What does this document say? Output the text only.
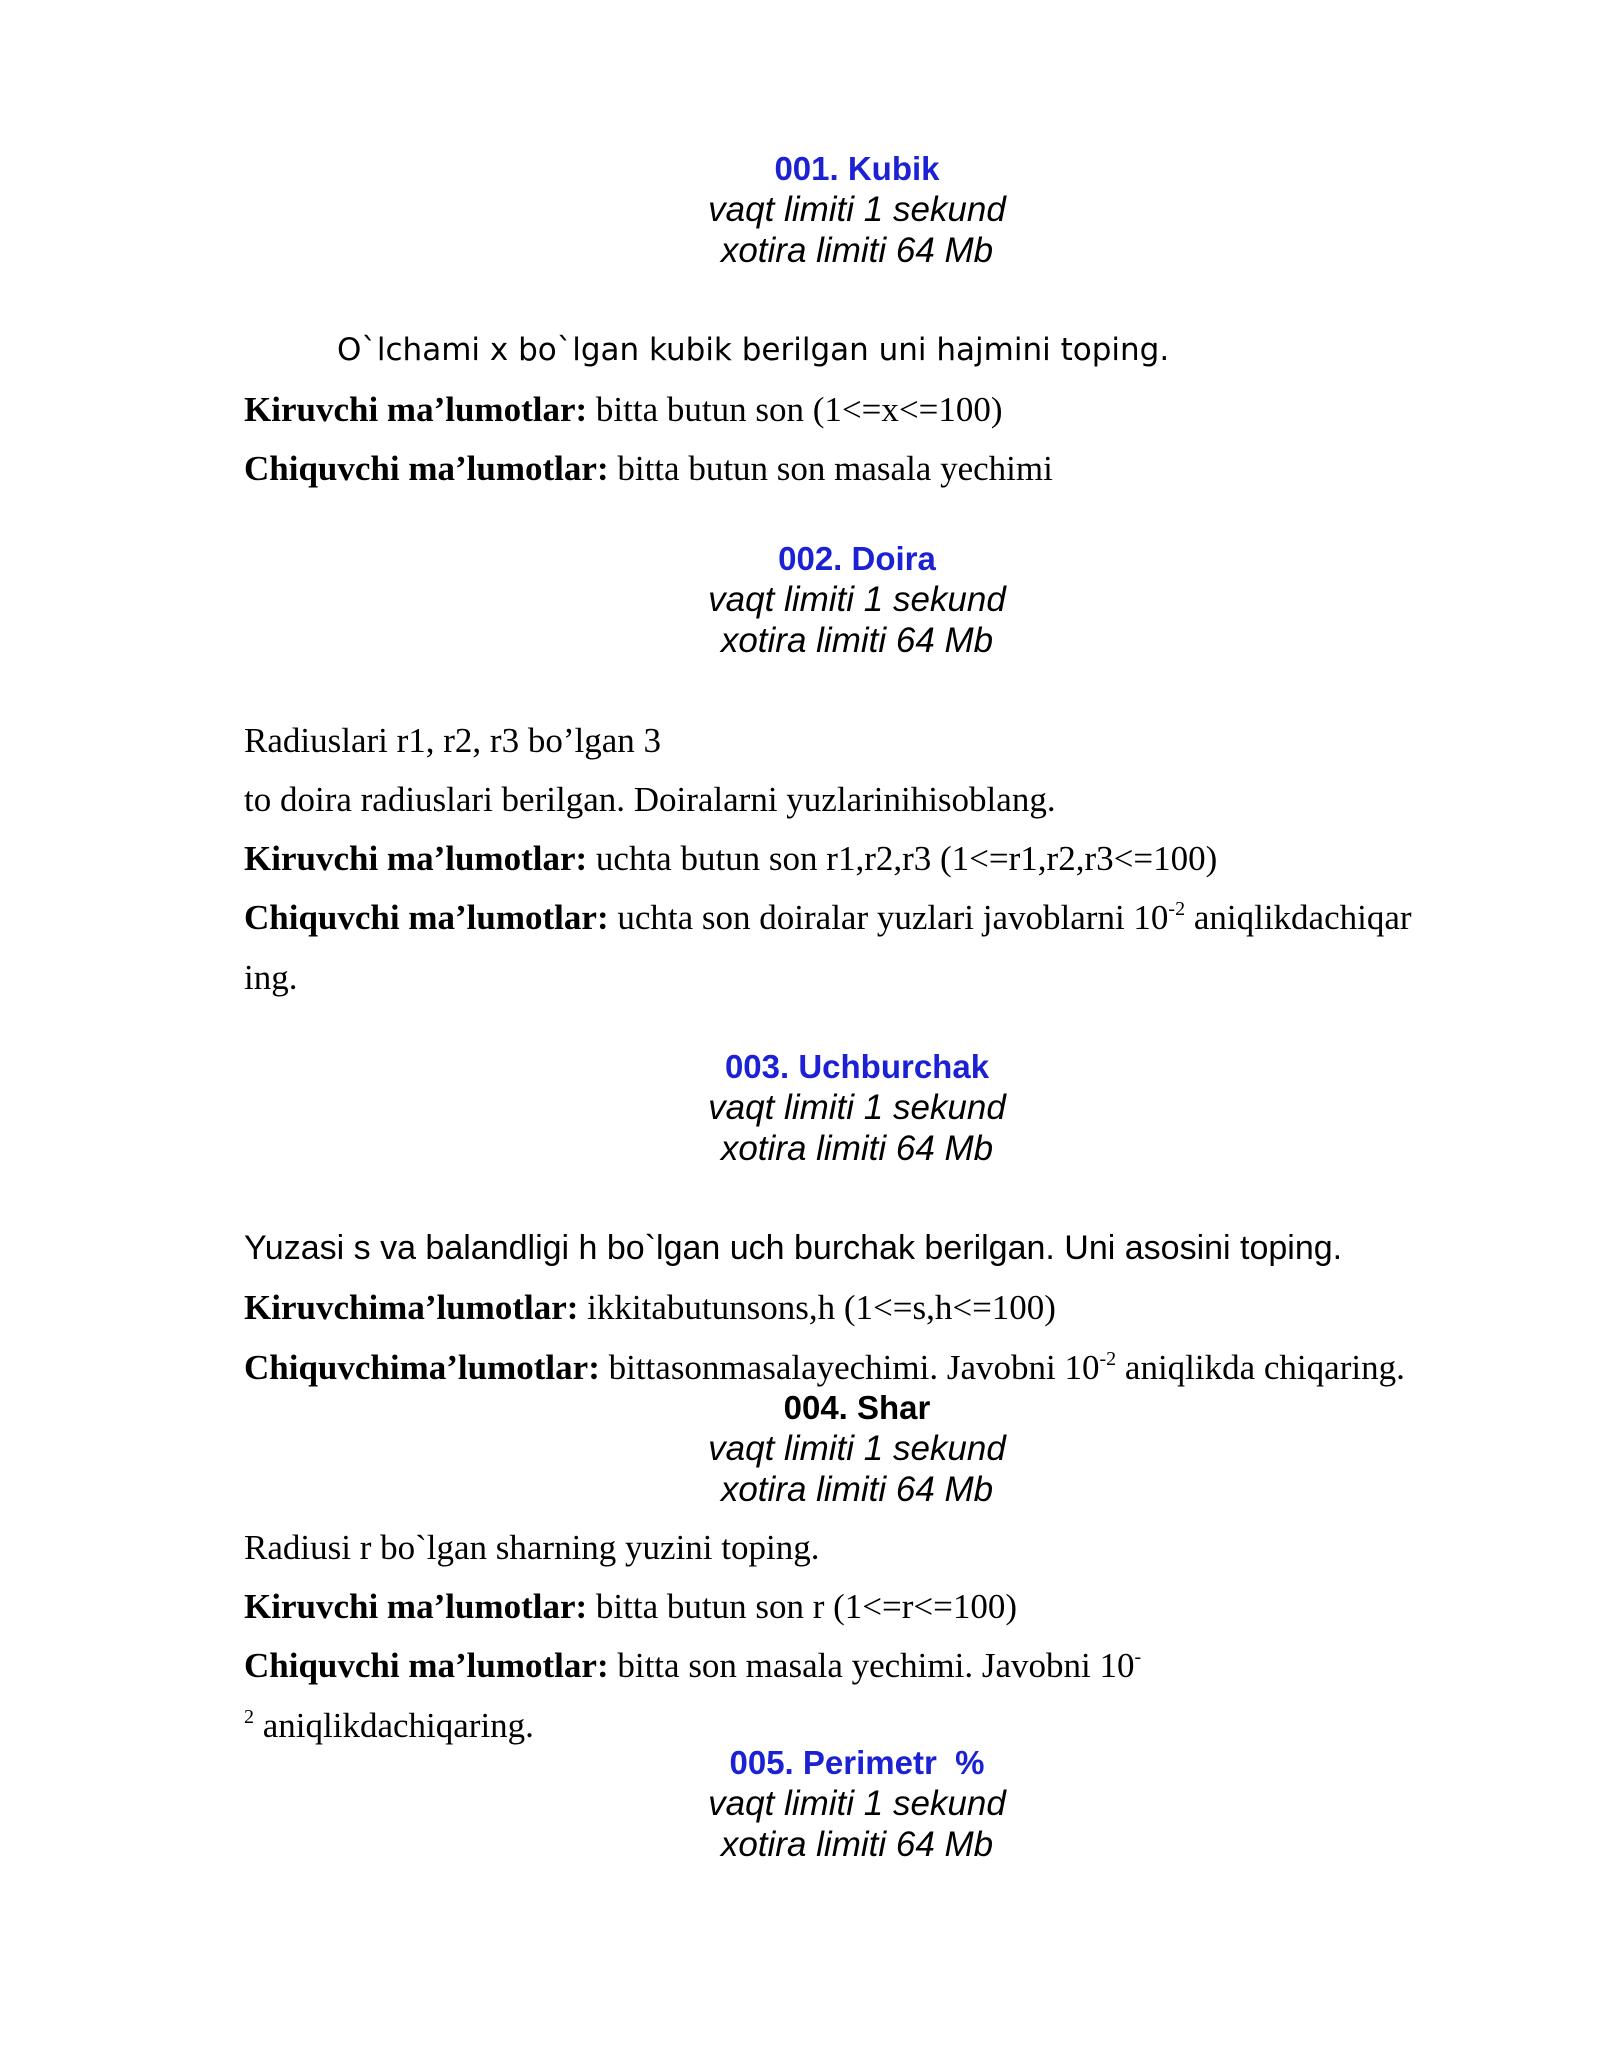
001. Kubik
vaqt limiti 1 sekund
xotira limiti 64 Mb
O`lchami x bo`lgan kubik berilgan uni hajmini toping.
Kiruvchi ma’lumotlar: bitta butun son (1<=x<=100)
Chiquvchi ma’lumotlar: bitta butun son masala yechimi
002. Doira
vaqt limiti 1 sekund
xotira limiti 64 Mb
Radiuslari r1, r2, r3 bo’lgan 3
to doira radiuslari berilgan. Doiralarni yuzlarinihisoblang.
Kiruvchi ma’lumotlar: uchta butun son r1,r2,r3 (1<=r1,r2,r3<=100)
Chiquvchi ma’lumotlar: uchta son doiralar yuzlari javoblarni $10^{-2}$ aniqlikdachiqar
ing.
003. Uchburchak
vaqt limiti 1 sekund
xotira limiti 64 Mb
Yuzasi s va balandligi h bo`lgan uch burchak berilgan. Uni asosini toping.
Kiruvchima’lumotlar: ikkitabutunsons,h (1<=s,h<=100)
Chiquvchima’lumotlar: bittasonmasalayechimi. Javobni $10^{-2}$ aniqlikda chiqaring.
004. Shar
vaqt limiti 1 sekund
xotira limiti 64 Mb
Radiusi r bo`lgan sharning yuzini toping.
Kiruvchi ma’lumotlar: bitta butun son r (1<=r<=100)
Chiquvchi ma’lumotlar: bitta son masala yechimi. Javobni 10-
$^2$ aniqlikdachiqaring.
005. Perimetr  %
vaqt limiti 1 sekund
xotira limiti 64 Mb
